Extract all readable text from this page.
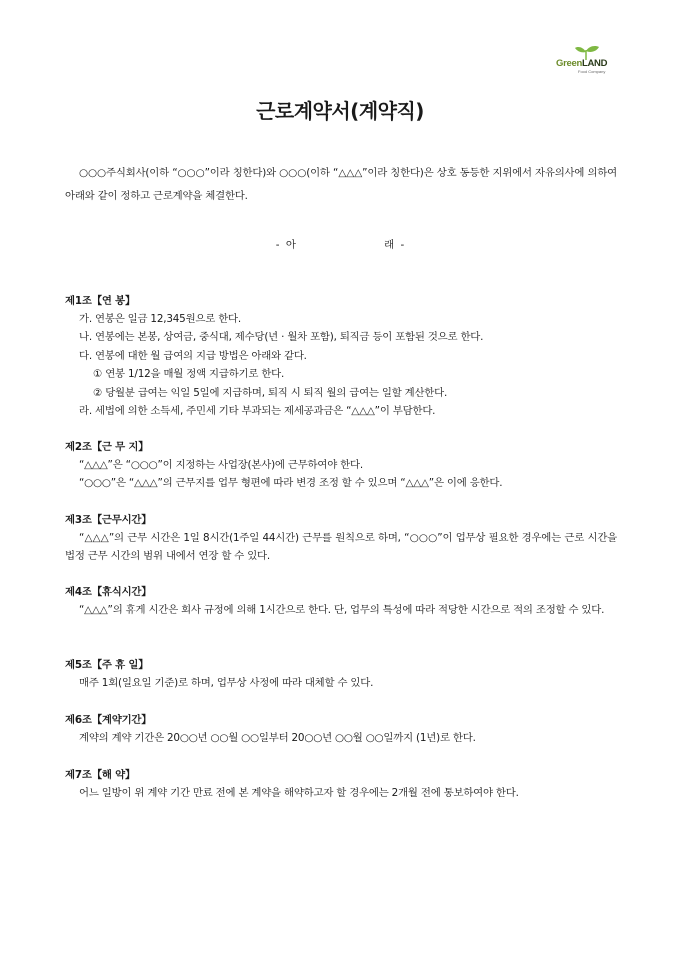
GreenLAND
Food Company
근로계약서(계약직)
○○○주식회사(이하 “○○○”이라 칭한다)와 ○○○(이하 “△△△”이라 칭한다)은 상호 동등한 지위에서 자유의사에 의하여 아래와 같이 정하고 근로계약을 체결한다.
- 아              래 -
제1조【연 봉】
가. 연봉은 일금 12,345원으로 한다.
나. 연봉에는 본봉, 상여금, 중식대, 제수당(년 · 월차 포함), 퇴직금 등이 포함된 것으로 한다.
다. 연봉에 대한 월 급여의 지급 방법은 아래와 같다.
① 연봉 1/12을 매월 정액 지급하기로 한다.
② 당월분 급여는 익일 5일에 지급하며, 퇴직 시 퇴직 월의 급여는 일할 계산한다.
라. 세법에 의한 소득세, 주민세 기타 부과되는 제세공과금은 “△△△”이 부담한다.
제2조【근 무 지】
“△△△”은 “○○○”이 지정하는 사업장(본사)에 근무하여야 한다.
“○○○”은 “△△△”의 근무지를 업무 형편에 따라 변경 조정 할 수 있으며 “△△△”은 이에 응한다.
제3조【근무시간】
“△△△”의 근무 시간은 1일 8시간(1주일 44시간) 근무를 원칙으로 하며, “○○○”이 업무상 필요한 경우에는 근로 시간을 법정 근무 시간의 범위 내에서 연장 할 수 있다.
제4조【휴식시간】
“△△△”의 휴게 시간은 회사 규정에 의해 1시간으로 한다. 단, 업무의 특성에 따라 적당한 시간으로 적의 조정할 수 있다.
제5조【주 휴 일】
매주 1회(일요일 기준)로 하며, 업무상 사정에 따라 대체할 수 있다.
제6조【계약기간】
계약의 계약 기간은 20○○년 ○○월 ○○일부터 20○○년 ○○월 ○○일까지 (1년)로 한다.
제7조【해 약】
어느 일방이 위 계약 기간 만료 전에 본 계약을 해약하고자 할 경우에는 2개월 전에 통보하여야 한다.
